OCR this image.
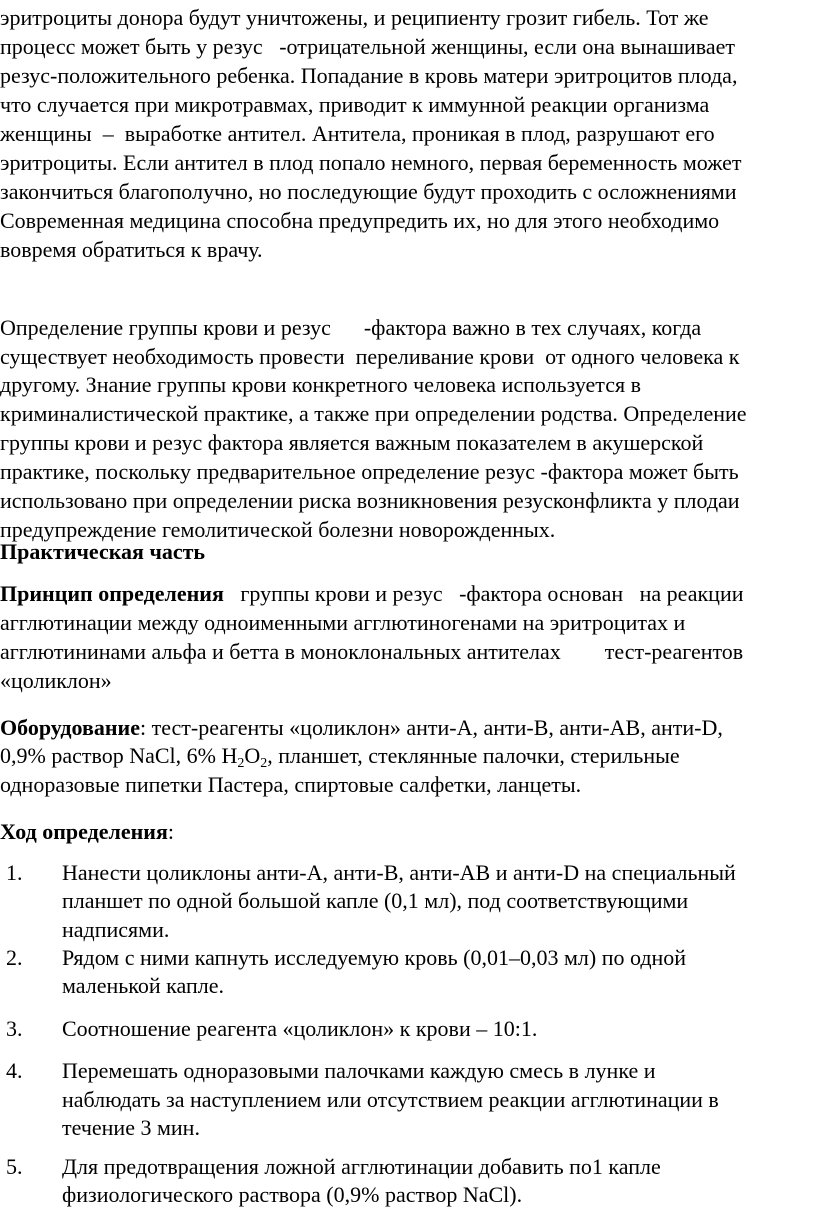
эритроциты донора будут уничтожены, и реципиенту грозит гибель. Тот же
процесс может быть у резус   -отрицательной женщины, если она вынашивает
резус-положительного ребенка. Попадание в кровь матери эритроцитов плода,
что случается при микротравмах, приводит к иммунной реакции организма
женщины  –  выработке антител. Антитела, проникая в плод, разрушают его
эритроциты. Если антител в плод попало немного, первая беременность может
закончиться благополучно, но последующие будут проходить с осложнениями
Современная медицина способна предупредить их, но для этого необходимо
вовремя обратиться к врачу.
Определение группы крови и резус      -фактора важно в тех случаях, когда
существует необходимость провести  переливание крови  от одного человека к
другому. Знание группы крови конкретного человека используется в
криминалистической практике, а также при определении родства. Определение
группы крови и резус фактора является важным показателем в акушерской
практике, поскольку предварительное определение резус -фактора может быть
использовано при определении риска возникновения резусконфликта у плодаи
предупреждение гемолитической болезни новорожденных.
Практическая часть
Принцип определения   группы крови и резус   -фактора основан   на реакции
агглютинации между одноименными агглютиногенами на эритроцитах и
агглютининами альфа и бетта в моноклональных антителах        тест-реагентов
«цоликлон»
Оборудование: тест-реагенты «цоликлон» анти-A, анти-B, анти-AB, анти-D,
0,9% раствор NaCl, 6% $H_2O_2$, планшет, стеклянные палочки, стерильные
одноразовые пипетки Пастера, спиртовые салфетки, ланцеты.
Ход определения:
1. Нанести цоликлоны анти-A, анти-B, анти-AB и анти-D на специальный
планшет по одной большой капле (0,1 мл), под соответствующими
надписями.
2. Рядом с ними капнуть исследуемую кровь (0,01–0,03 мл) по одной
маленькой капле.
3. Соотношение реагента «цоликлон» к крови – 10:1.
4. Перемешать одноразовыми палочками каждую смесь в лунке и
наблюдать за наступлением или отсутствием реакции агглютинации в
течение 3 мин.
5. Для предотвращения ложной агглютинации добавить по1 капле
физиологического раствора (0,9% раствор NaCl).
